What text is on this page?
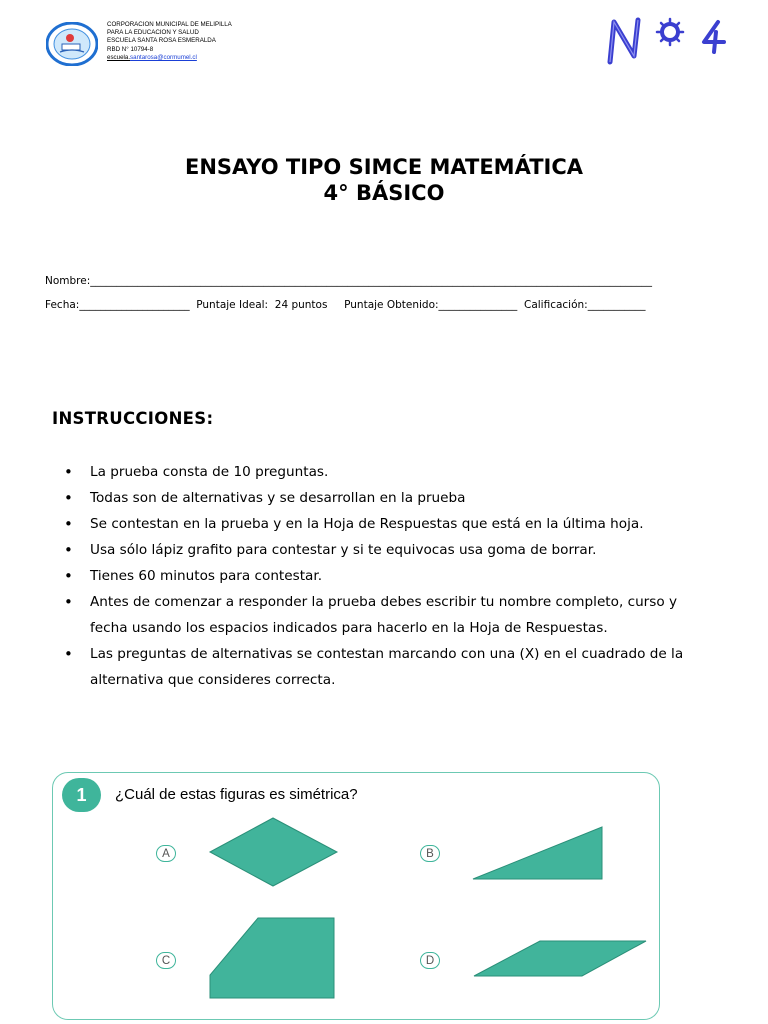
CORPORACION MUNICIPAL DE MELIPILLA
PARA LA EDUCACION Y SALUD
ESCUELA SANTA ROSA ESMERALDA
RBD N° 10794-8
escuela.santarosa@cormumel.cl
ENSAYO TIPO SIMCE MATEMÁTICA
4° BÁSICO
Nombre:___________________________________________________________________________________________________________
Fecha:_____________________  Puntaje Ideal:  24 puntos     Puntaje Obtenido:_______________  Calificación:___________
INSTRUCCIONES:
• La prueba consta de 10 preguntas.
• Todas son de alternativas y se desarrollan en la prueba
• Se contestan en la prueba y en la Hoja de Respuestas que está en la última hoja.
• Usa sólo lápiz grafito para contestar y si te equivocas usa goma de borrar.
• Tienes 60 minutos para contestar.
• Antes de comenzar a responder la prueba debes escribir tu nombre completo, curso y fecha usando los espacios indicados para hacerlo en la Hoja de Respuestas.
• Las preguntas de alternativas se contestan marcando con una (X) en el cuadrado de la alternativa que consideres correcta.
1	¿Cuál de estas figuras es simétrica?
A	B
C	D
